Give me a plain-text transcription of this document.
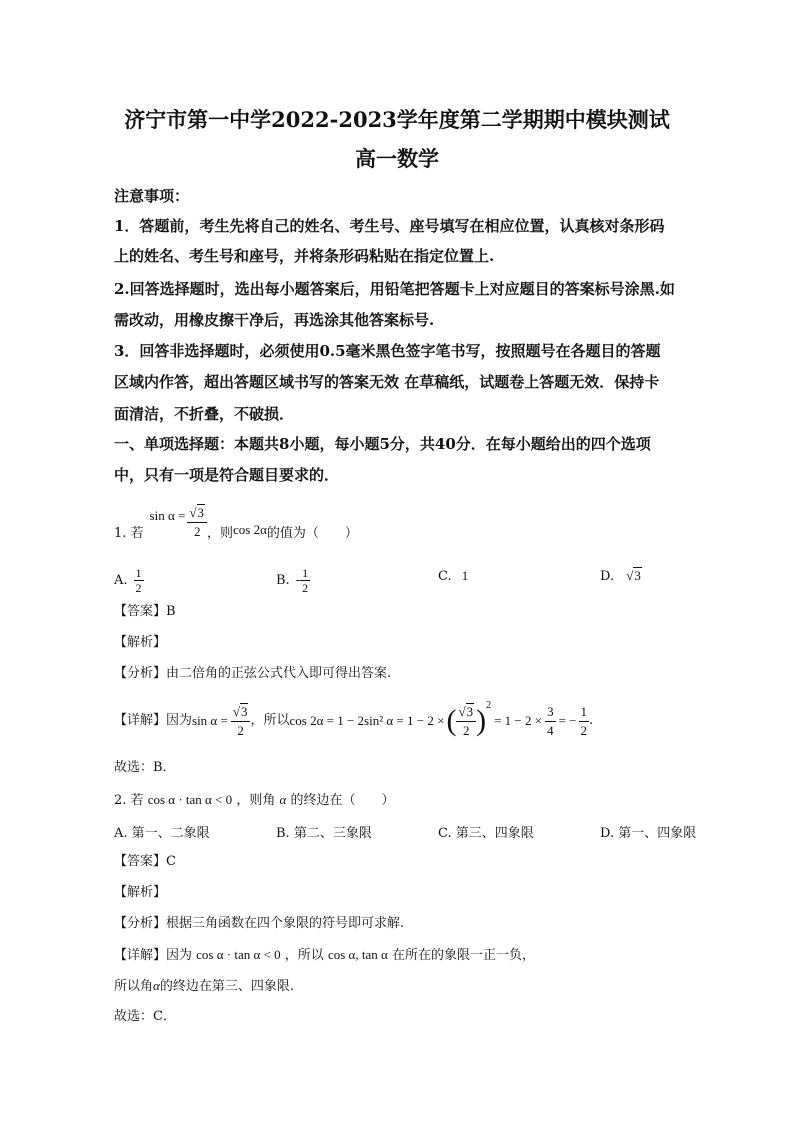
济宁市第一中学2022-2023学年度第二学期期中模块测试
高一数学
注意事项：
1．答题前，考生先将自己的姓名、考生号、座号填写在相应位置，认真核对条形码
上的姓名、考生号和座号，并将条形码粘贴在指定位置上.
2.回答选择题时，选出每小题答案后，用铅笔把答题卡上对应题目的答案标号涂黑.如
需改动，用橡皮擦干净后，再选涂其他答案标号.
3．回答非选择题时，必须使用0.5毫米黑色签字笔书写，按照题号在各题目的答题
区域内作答，超出答题区域书写的答案无效 在草稿纸，试题卷上答题无效．保持卡
面清洁，不折叠，不破损．
一、单项选择题：本题共8小题，每小题5分，共40分．在每小题给出的四个选项
中，只有一项是符合题目要求的．
1. 若
$\sin \alpha = \frac{√3}{2}$ ，则 cos 2α 的值为（　　）
A. $\frac{1}{2}$	B. - $\frac{1}{2}$	C. 1	D. √3
【答案】B
【解析】
【分析】由二倍角的正弦公式代入即可得出答案.
【详解】因为 $\sin \alpha = \frac{√3}{2}$ ，所以 cos 2α = 1 − 2sin² α = 1 − 2 × ( $\frac{√3}{2}$ ) 2
= $1 - 2 \times \frac{3}{4}$ = − $\frac{1}{2}$ .
故选：B．
2. 若 cos α · tan α < 0 ，则角 α 的终边在（　　）
A. 第一、二象限	B. 第二、三象限	C. 第三、四象限	D. 第一、四象限
【答案】C
【解析】
【分析】根据三角函数在四个象限的符号即可求解.
【详解】因为 cos α · tan α < 0 ，所以 cos α, tan α 在所在的象限一正一负，
所以角α的终边在第三、四象限.
故选：C．
